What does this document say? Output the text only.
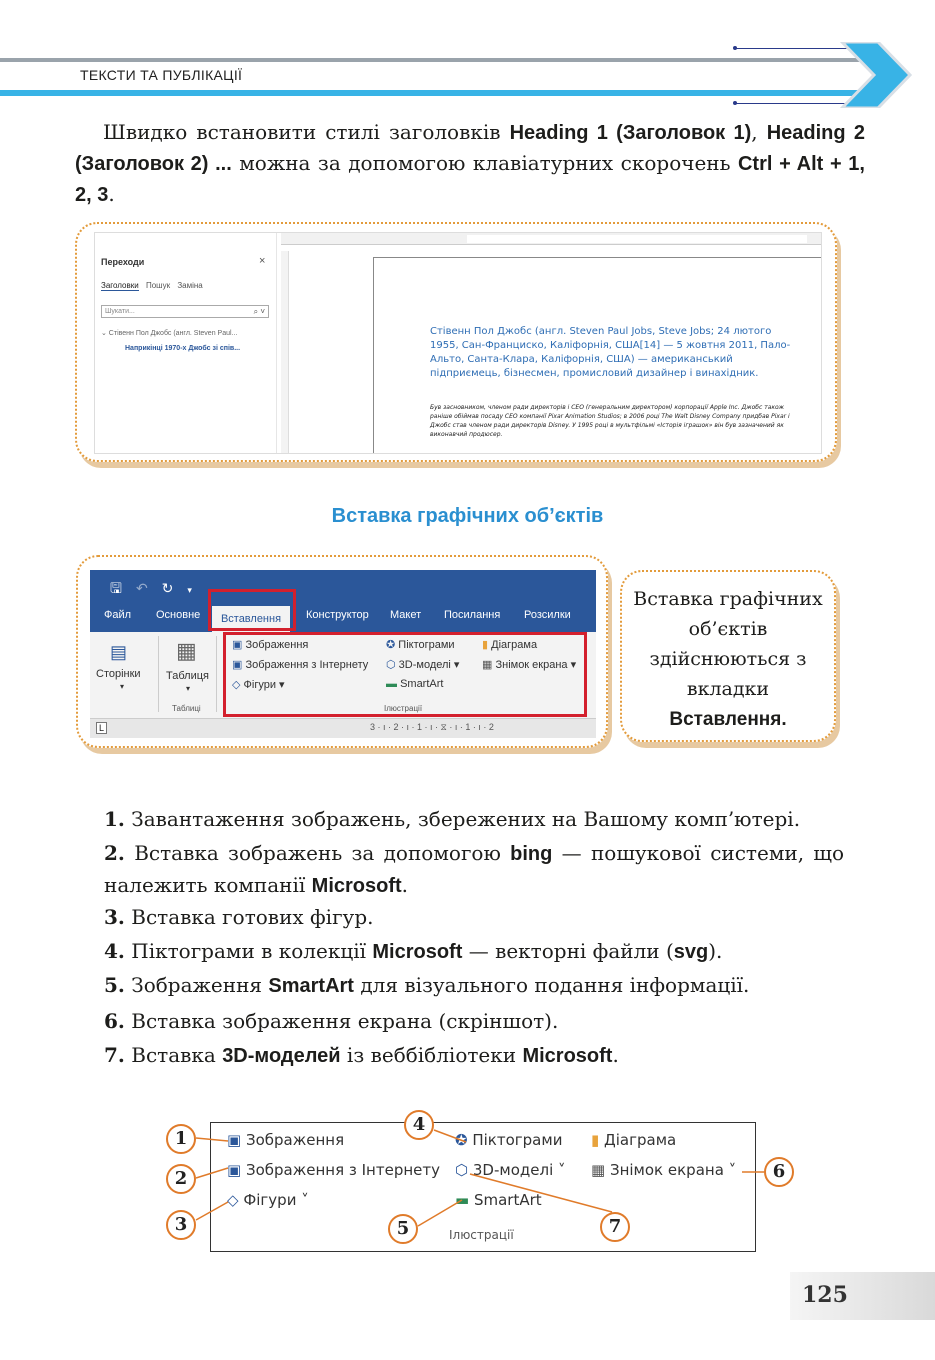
ТЕКСТИ ТА ПУБЛІКАЦІЇ

Швидко встановити стилі заголовків Heading 1 (Заголовок 1), Heading 2 (Заголовок 2) ... можна за допомогою клавіатурних скорочень Ctrl + Alt + 1, 2, 3.

Переходи	×
Заголовки Пошук Заміна
Шукати...	⌕ ˅
⌄ Стівенн Пол Джобс (англ. Steven Paul...
Наприкінці 1970-х Джобс зі спів...
Стівенн Пол Джобс (англ. Steven Paul Jobs, Steve Jobs; 24 лютого 1955, Сан-Франциско, Каліфорнія, США[14] — 5 жовтня 2011, Пало-Альто, Санта-Клара, Каліфорнія, США) — американський підприємець, бізнесмен, промисловий дизайнер і винахідник.
Був засновником, членом ради директорів і CEO (генеральним директором) корпорації Apple Inc. Джобс також раніше обіймав посаду CEO компанії Pixar Animation Studios; в 2006 році The Walt Disney Company придбав Pixar і Джобс став членом ради директорів Disney. У 1995 році в мультфільмі «Історія іграшок» він був зазначений як виконавчий продюсер.
Вставка графічних об’єктів
🖫 ↶ ↻ ▾
Файл Основне	Вставлення	Конструктор Макет Посилання Розсилки
▤
Сторінки
▾
▦
Таблиця
▾
Таблиці
▣ Зображення
▣ Зображення з Інтернету
◇ Фігури ▾
✪ Піктограми
⬡ 3D-моделі ▾
▬ SmartArt
▮ Діаграма
▦ Знімок екрана ▾
Ілюстрації
L	3 · ı · 2 · ı · 1 · ı · ⧖ · ı · 1 · ı · 2
Вставка графічних об’єктів здійснюються з вкладки
Вставлення.
1. Завантаження зображень, збережених на Вашому комп’ютері.
2. Вставка зображень за допомогою bing — пошукової системи, що належить компанії Microsoft.
3. Вставка готових фігур.
4. Піктограми в колекції Microsoft — векторні файли (svg).
5. Зображення SmartArt для візуального подання інформації.
6. Вставка зображення екрана (скріншот).
7. Вставка 3D-моделей із веббібліотеки Microsoft.
▣ Зображення
▣ Зображення з Інтернету
◇ Фігури ˅
✪ Піктограми
⬡ 3D-моделі ˅
▬ SmartArt
▮ Діаграма
▦ Знімок екрана ˅
Ілюстрації
1
2
3
4
5
6
7
125
